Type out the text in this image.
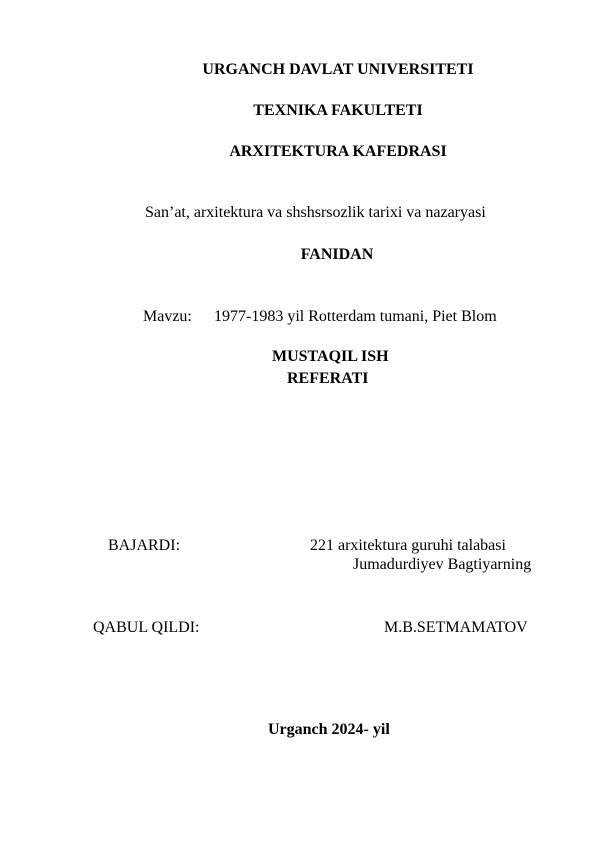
URGANCH DAVLAT UNIVERSITETI
TEXNIKA FAKULTETI
ARXITEKTURA KAFEDRASI
San’at, arxitektura va shshsrsozlik tarixi va nazaryasi
FANIDAN
Mavzu: 1977-1983 yil Rotterdam tumani, Piet Blom
MUSTAQIL ISH
REFERATI
BAJARDI:	221 arxitektura guruhi talabasi
Jumadurdiyev Bagtiyarning
QABUL QILDI:	M.B.SETMAMATOV
Urganch 2024- yil
